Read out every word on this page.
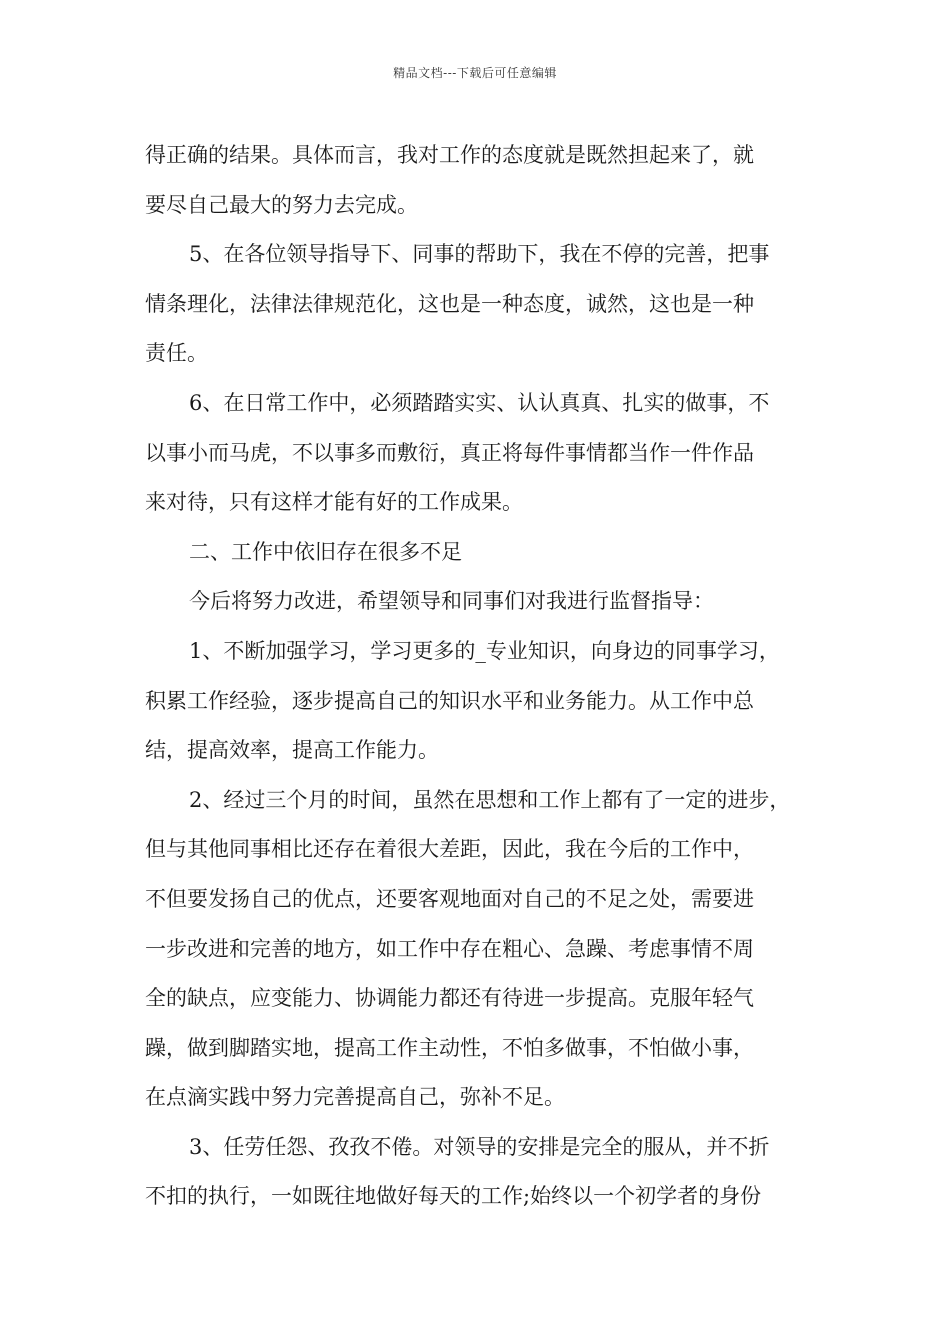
精品文档---下载后可任意编辑
得正确的结果。具体而言，我对工作的态度就是既然担起来了，就
要尽自己最大的努力去完成。
5、在各位领导指导下、同事的帮助下，我在不停的完善，把事
情条理化，法律法律规范化，这也是一种态度，诚然，这也是一种
责任。
6、在日常工作中，必须踏踏实实、认认真真、扎实的做事，不
以事小而马虎，不以事多而敷衍，真正将每件事情都当作一件作品
来对待，只有这样才能有好的工作成果。
二、工作中依旧存在很多不足
今后将努力改进，希望领导和同事们对我进行监督指导：
1、不断加强学习，学习更多的_专业知识，向身边的同事学习，
积累工作经验，逐步提高自己的知识水平和业务能力。从工作中总
结，提高效率，提高工作能力。
2、经过三个月的时间，虽然在思想和工作上都有了一定的进步，
但与其他同事相比还存在着很大差距，因此，我在今后的工作中，
不但要发扬自己的优点，还要客观地面对自己的不足之处，需要进
一步改进和完善的地方，如工作中存在粗心、急躁、考虑事情不周
全的缺点，应变能力、协调能力都还有待进一步提高。克服年轻气
躁，做到脚踏实地，提高工作主动性，不怕多做事，不怕做小事，
在点滴实践中努力完善提高自己，弥补不足。
3、任劳任怨、孜孜不倦。对领导的安排是完全的服从，并不折
不扣的执行，一如既往地做好每天的工作;始终以一个初学者的身份
